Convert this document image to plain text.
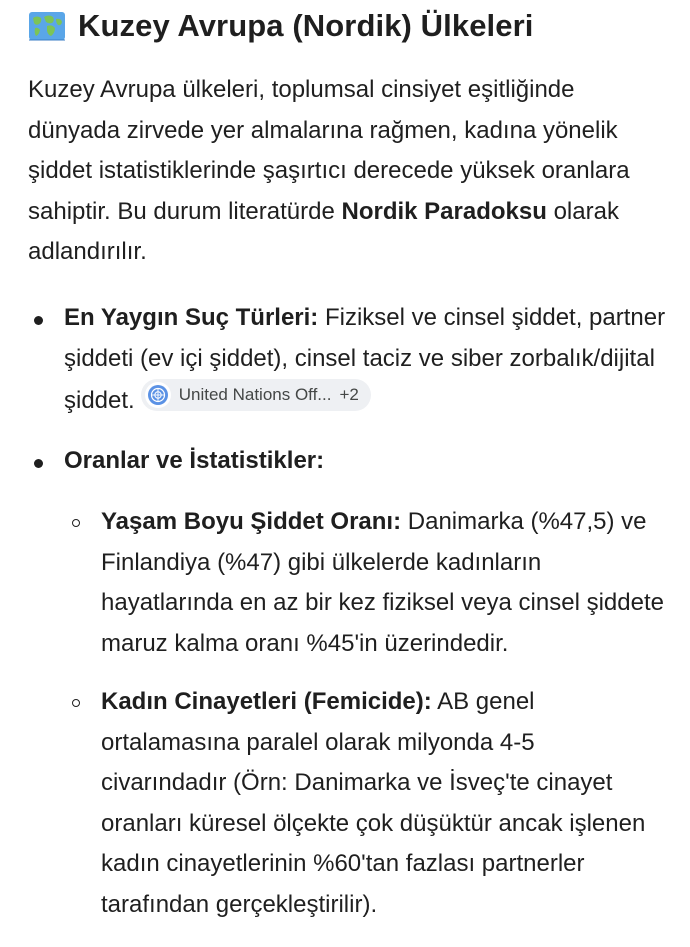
Kuzey Avrupa (Nordik) Ülkeleri

Kuzey Avrupa ülkeleri, toplumsal cinsiyet eşitliğinde dünyada zirvede yer almalarına rağmen, kadına yönelik şiddet istatistiklerinde şaşırtıcı derecede yüksek oranlara sahiptir. Bu durum literatürde Nordik Paradoksu olarak adlandırılır.

En Yaygın Suç Türleri: Fiziksel ve cinsel şiddet, partner şiddeti (ev içi şiddet), cinsel taciz ve siber zorbalık/dijital şiddet.	United Nations Off... +2
Oranlar ve İstatistikler:
Yaşam Boyu Şiddet Oranı: Danimarka (%47,5) ve Finlandiya (%47) gibi ülkelerde kadınların hayatlarında en az bir kez fiziksel veya cinsel şiddete maruz kalma oranı %45'in üzerindedir.
Kadın Cinayetleri (Femicide): AB genel ortalamasına paralel olarak milyonda 4-5 civarındadır (Örn: Danimarka ve İsveç'te cinayet oranları küresel ölçekte çok düşüktür ancak işlenen kadın cinayetlerinin %60'tan fazlası partnerler tarafından gerçekleştirilir).
